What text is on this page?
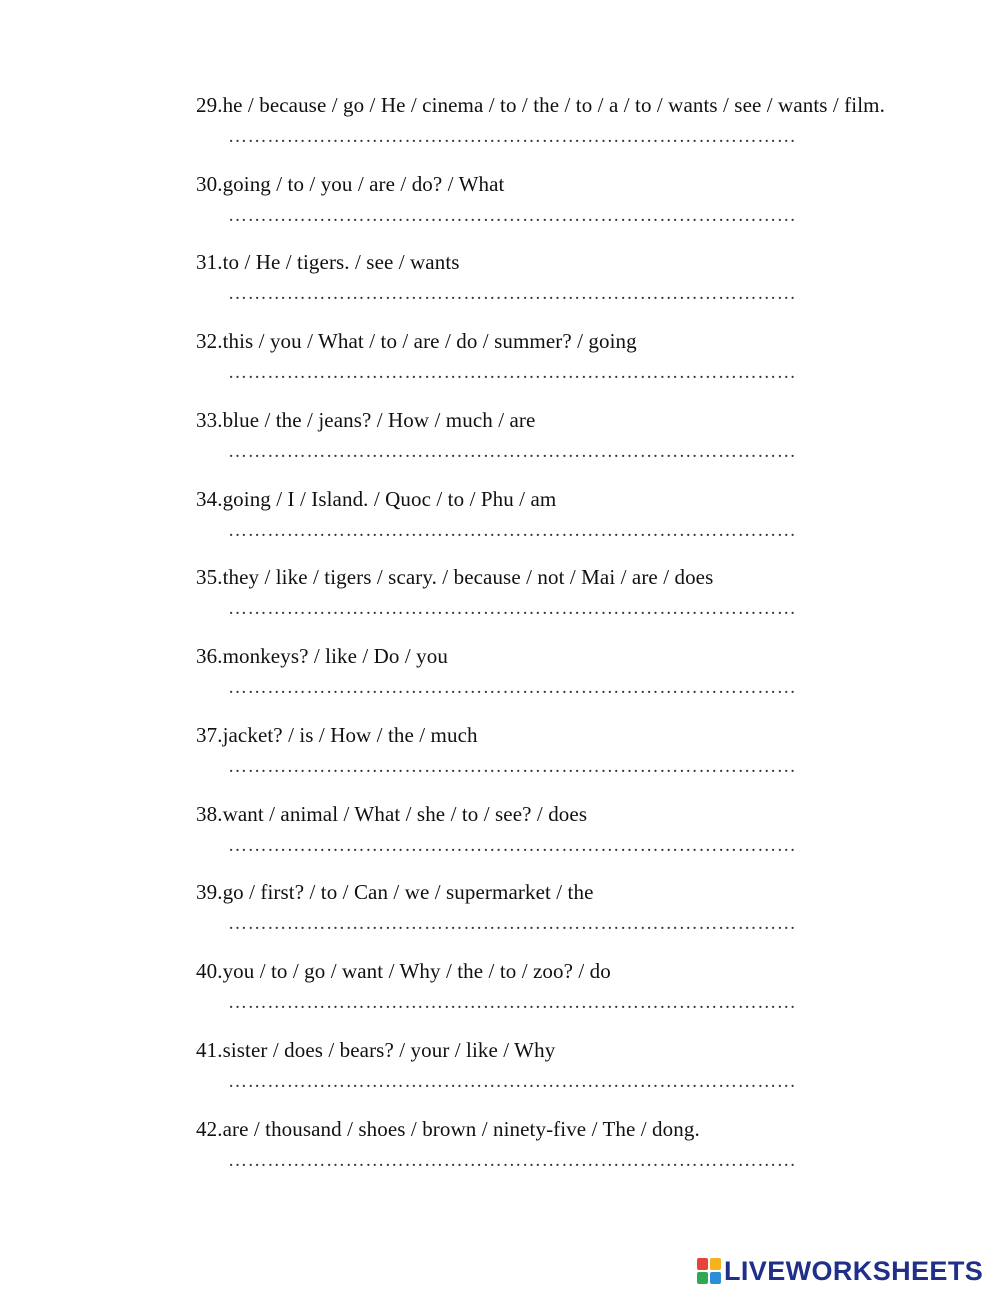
29.he / because / go / He / cinema / to / the / to / a / to / wants / see / wants / film.
……………………………………………………………………………
30.going / to / you / are / do? / What
……………………………………………………………………………
31.to / He / tigers. / see / wants
……………………………………………………………………………
32.this / you / What / to / are / do / summer? / going
……………………………………………………………………………
33.blue / the / jeans? / How / much / are
……………………………………………………………………………
34.going / I / Island. / Quoc / to / Phu / am
……………………………………………………………………………
35.they / like / tigers / scary. / because / not / Mai / are / does
……………………………………………………………………………
36.monkeys? / like / Do / you
……………………………………………………………………………
37.jacket? / is / How / the / much
……………………………………………………………………………
38.want / animal / What / she / to / see? / does
……………………………………………………………………………
39.go / first? / to / Can / we / supermarket / the
……………………………………………………………………………
40.you / to / go / want / Why / the / to / zoo? / do
……………………………………………………………………………
41.sister / does / bears? / your / like / Why
……………………………………………………………………………
42.are / thousand / shoes / brown / ninety-five / The / dong.
……………………………………………………………………………
LIVEWORKSHEETS
